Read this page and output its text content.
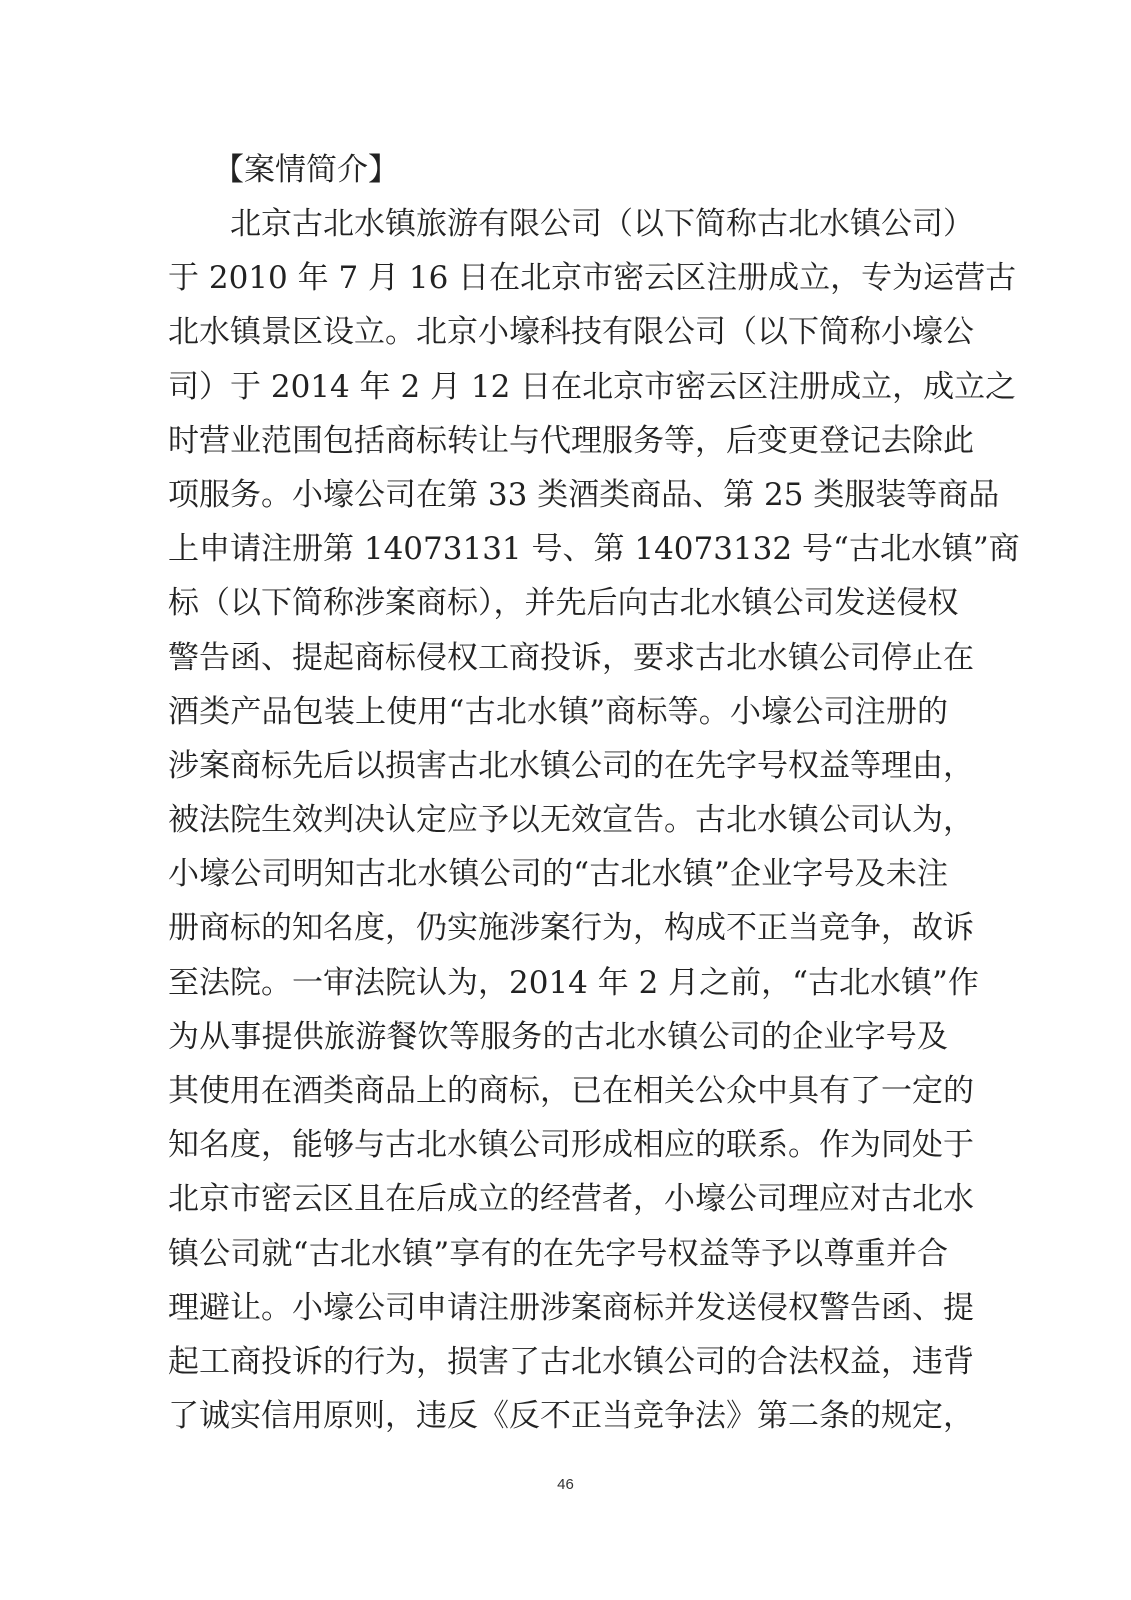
【案情简介】
北京古北水镇旅游有限公司（以下简称古北水镇公司）
于 2010 年 7 月 16 日在北京市密云区注册成立，专为运营古
北水镇景区设立。北京小壕科技有限公司（以下简称小壕公
司）于 2014 年 2 月 12 日在北京市密云区注册成立，成立之
时营业范围包括商标转让与代理服务等，后变更登记去除此
项服务。小壕公司在第 33 类酒类商品、第 25 类服装等商品
上申请注册第 14073131 号、第 14073132 号“古北水镇”商
标（以下简称涉案商标），并先后向古北水镇公司发送侵权
警告函、提起商标侵权工商投诉，要求古北水镇公司停止在
酒类产品包装上使用“古北水镇”商标等。小壕公司注册的
涉案商标先后以损害古北水镇公司的在先字号权益等理由，
被法院生效判决认定应予以无效宣告。古北水镇公司认为，
小壕公司明知古北水镇公司的“古北水镇”企业字号及未注
册商标的知名度，仍实施涉案行为，构成不正当竞争，故诉
至法院。一审法院认为，2014 年 2 月之前，“古北水镇”作
为从事提供旅游餐饮等服务的古北水镇公司的企业字号及
其使用在酒类商品上的商标，已在相关公众中具有了一定的
知名度，能够与古北水镇公司形成相应的联系。作为同处于
北京市密云区且在后成立的经营者，小壕公司理应对古北水
镇公司就“古北水镇”享有的在先字号权益等予以尊重并合
理避让。小壕公司申请注册涉案商标并发送侵权警告函、提
起工商投诉的行为，损害了古北水镇公司的合法权益，违背
了诚实信用原则，违反《反不正当竞争法》第二条的规定，
46
